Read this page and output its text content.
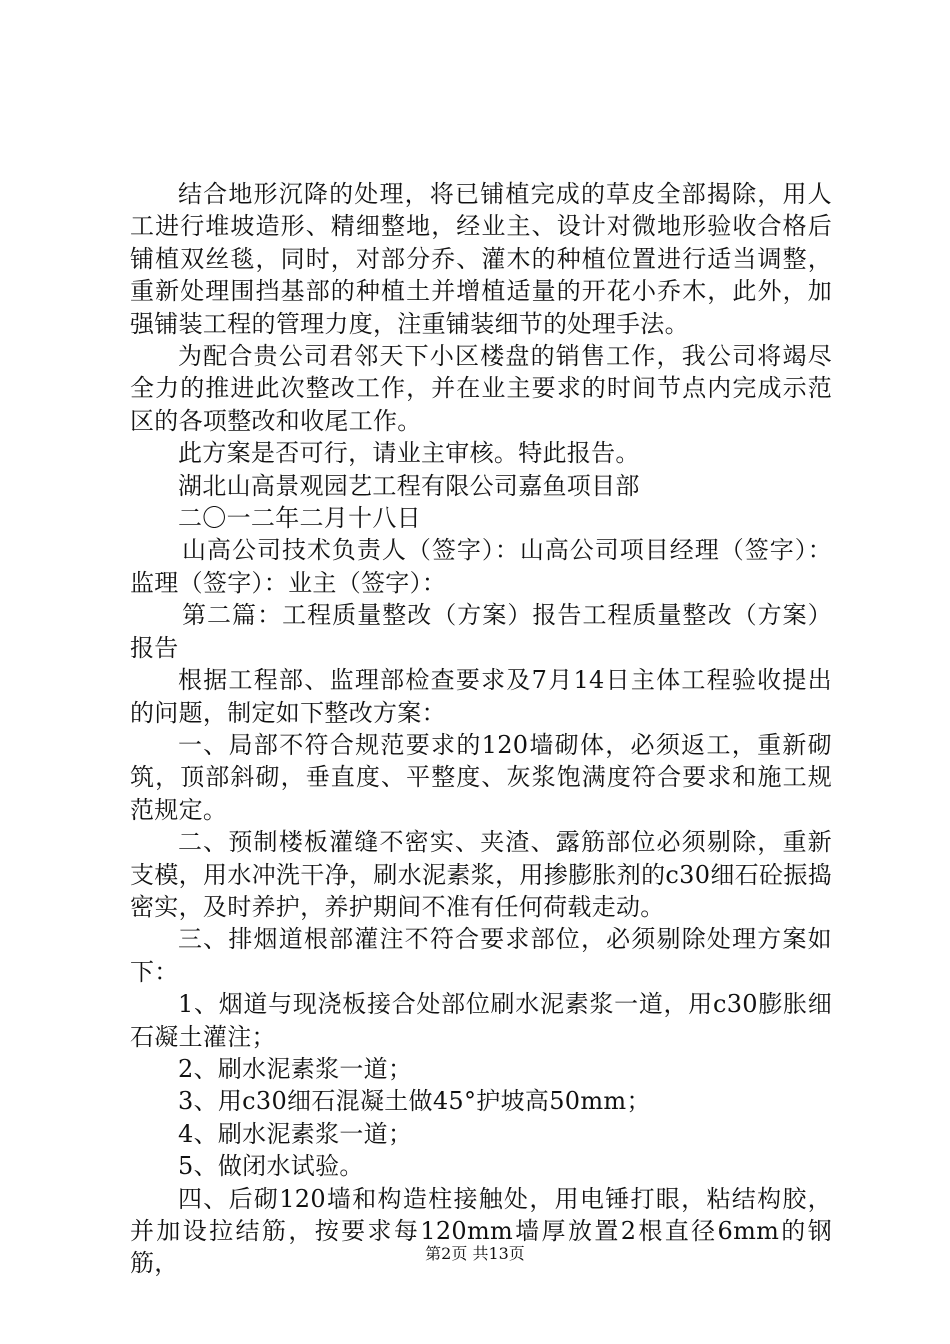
结合地形沉降的处理，将已铺植完成的草皮全部揭除，用人工进行堆坡造形、精细整地，经业主、设计对微地形验收合格后铺植双丝毯，同时，对部分乔、灌木的种植位置进行适当调整，重新处理围挡基部的种植土并增植适量的开花小乔木，此外，加强铺装工程的管理力度，注重铺装细节的处理手法。

为配合贵公司君邻天下小区楼盘的销售工作，我公司将竭尽全力的推进此次整改工作，并在业主要求的时间节点内完成示范区的各项整改和收尾工作。

此方案是否可行，请业主审核。特此报告。

湖北山高景观园艺工程有限公司嘉鱼项目部

二〇一二年二月十八日

山高公司技术负责人（签字）：山高公司项目经理（签字）：监理（签字）：业主（签字）：

第二篇：工程质量整改（方案）报告工程质量整改（方案）报告

根据工程部、监理部检查要求及7月14日主体工程验收提出的问题，制定如下整改方案：

一、局部不符合规范要求的120墙砌体，必须返工，重新砌筑，顶部斜砌，垂直度、平整度、灰浆饱满度符合要求和施工规范规定。

二、预制楼板灌缝不密实、夹渣、露筋部位必须剔除，重新支模，用水冲洗干净，刷水泥素浆，用掺膨胀剂的c30细石砼振捣密实，及时养护，养护期间不准有任何荷载走动。

三、排烟道根部灌注不符合要求部位，必须剔除处理方案如下：

1、烟道与现浇板接合处部位刷水泥素浆一道，用c30膨胀细石凝土灌注；

2、刷水泥素浆一道；

3、用c30细石混凝土做45°护坡高50mm；

4、刷水泥素浆一道；

5、做闭水试验。

四、后砌120墙和构造柱接触处，用电锤打眼，粘结构胶，并加设拉结筋，按要求每120mm墙厚放置2根直径6mm的钢筋，	第2页 共13页
